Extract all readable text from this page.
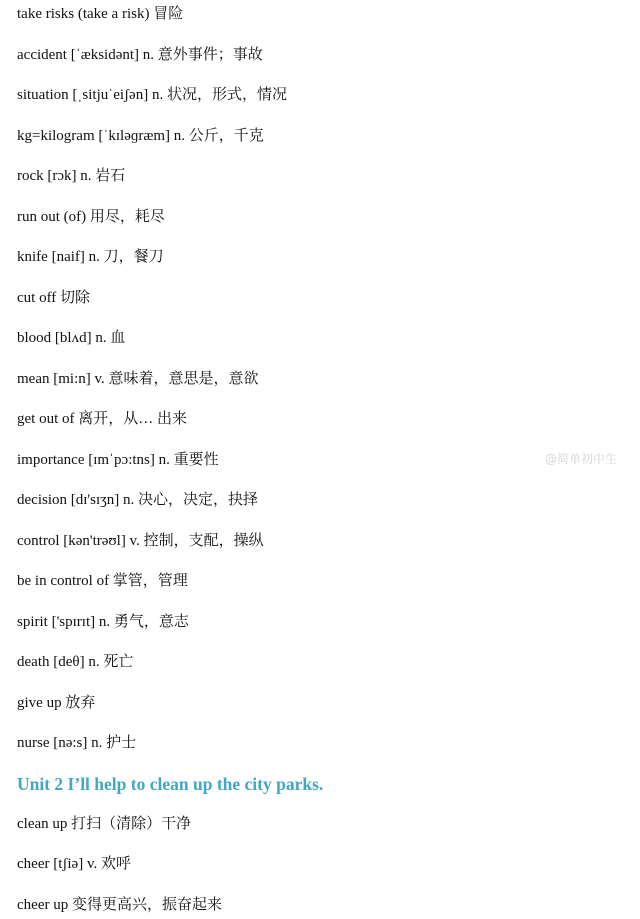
take risks (take a risk) 冒险
accident [ˈæksidənt] n. 意外事件；事故
situation [ˌsitjuˈeiʃən] n. 状况，形式，情况
kg=kilogram [ˈkɪləɡræm] n. 公斤，千克
rock [rɔk] n. 岩石
run out (of) 用尽，耗尽
knife [naif] n. 刀，餐刀
cut off 切除
blood [blʌd] n. 血
mean [mi:n] v. 意味着，意思是，意欲
get out of 离开，从… 出来
importance [ɪmˈpɔ:tns] n. 重要性
decision [dɪ'sɪʒn] n. 决心，决定，抉择
control [kən'trəʊl] v. 控制，支配，操纵
be in control of 掌管，管理
spirit ['spɪrɪt] n. 勇气，意志
death [deθ] n. 死亡
give up 放弃
nurse [nə:s] n. 护士
Unit 2 I’ll help to clean up the city parks.
clean up 打扫（清除）干净
cheer [tʃiə] v. 欢呼
cheer up 变得更高兴，振奋起来
@简单初中生
